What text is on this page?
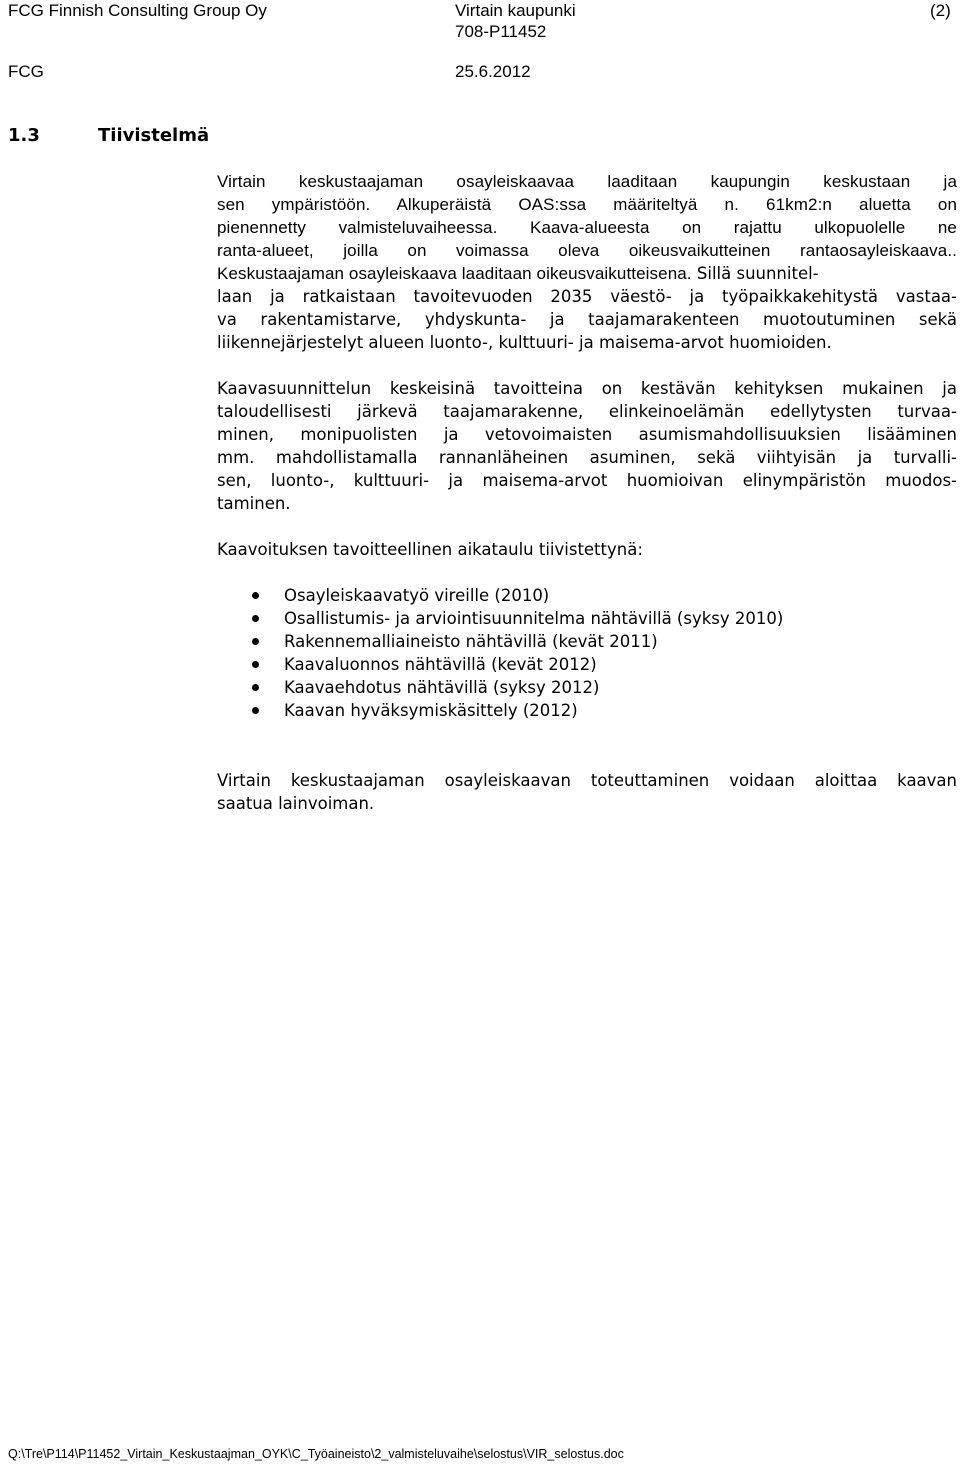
FCG Finnish Consulting Group Oy	Virtain kaupunki
708-P11452
(2)
FCG	25.6.2012
1.3	Tiivistelmä
Virtain keskustaajaman osayleiskaavaa laaditaan kaupungin keskustaan ja
sen ympäristöön. Alkuperäistä OAS:ssa määriteltyä n. 61km2:n aluetta on
pienennetty valmisteluvaiheessa. Kaava-alueesta on rajattu ulkopuolelle ne
ranta-alueet, joilla on voimassa oleva oikeusvaikutteinen rantaosayleiskaava..
Keskustaajaman osayleiskaava laaditaan oikeusvaikutteisena. Sillä suunnitel-
laan ja ratkaistaan tavoitevuoden 2035 väestö- ja työpaikkakehitystä vastaa-
va rakentamistarve, yhdyskunta- ja taajamarakenteen muotoutuminen sekä
liikennejärjestelyt alueen luonto-, kulttuuri- ja maisema-arvot huomioiden.
Kaavasuunnittelun keskeisinä tavoitteina on kestävän kehityksen mukainen ja
taloudellisesti järkevä taajamarakenne, elinkeinoelämän edellytysten turvaa-
minen, monipuolisten ja vetovoimaisten asumismahdollisuuksien lisääminen
mm. mahdollistamalla rannanläheinen asuminen, sekä viihtyisän ja turvalli-
sen, luonto-, kulttuuri- ja maisema-arvot huomioivan elinympäristön muodos-
taminen.

Kaavoituksen tavoitteellinen aikataulu tiivistettynä:

Osayleiskaavatyö vireille (2010)
Osallistumis- ja arviointisuunnitelma nähtävillä (syksy 2010)
Rakennemalliaineisto nähtävillä (kevät 2011)
Kaavaluonnos nähtävillä (kevät 2012)
Kaavaehdotus nähtävillä (syksy 2012)
Kaavan hyväksymiskäsittely (2012)
Virtain keskustaajaman osayleiskaavan toteuttaminen voidaan aloittaa kaavan
saatua lainvoiman.
Q:\Tre\P114\P11452_Virtain_Keskustaajman_OYK\C_Työaineisto\2_valmisteluvaihe\selostus\VIR_selostus.doc
